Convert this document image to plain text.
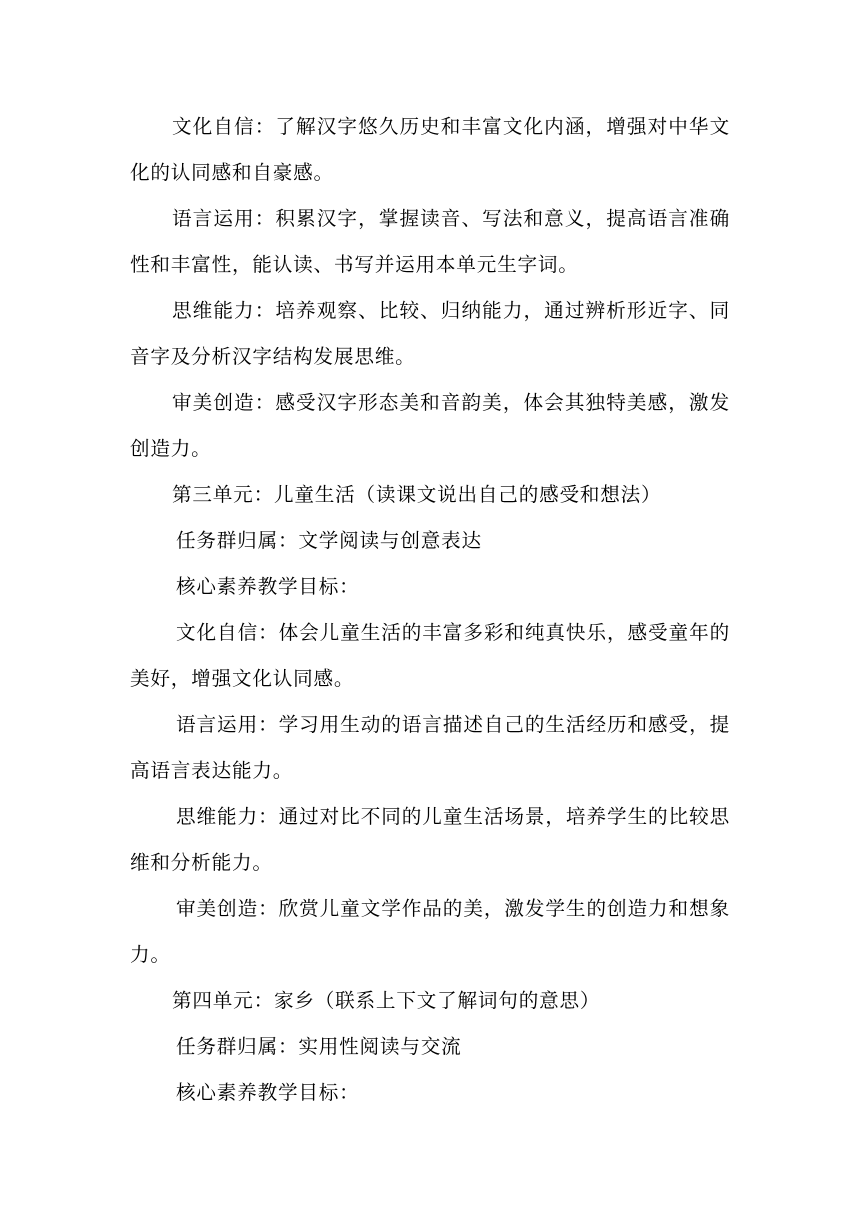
文化自信：了解汉字悠久历史和丰富文化内涵，增强对中华文化的认同感和自豪感。

语言运用：积累汉字，掌握读音、写法和意义，提高语言准确性和丰富性，能认读、书写并运用本单元生字词。

思维能力：培养观察、比较、归纳能力，通过辨析形近字、同音字及分析汉字结构发展思维。

审美创造：感受汉字形态美和音韵美，体会其独特美感，激发创造力。

第三单元：儿童生活（读课文说出自己的感受和想法）

任务群归属：文学阅读与创意表达

核心素养教学目标：

文化自信：体会儿童生活的丰富多彩和纯真快乐，感受童年的美好，增强文化认同感。

语言运用：学习用生动的语言描述自己的生活经历和感受，提高语言表达能力。

思维能力：通过对比不同的儿童生活场景，培养学生的比较思维和分析能力。

审美创造：欣赏儿童文学作品的美，激发学生的创造力和想象力。

第四单元：家乡（联系上下文了解词句的意思）

任务群归属：实用性阅读与交流

核心素养教学目标：
